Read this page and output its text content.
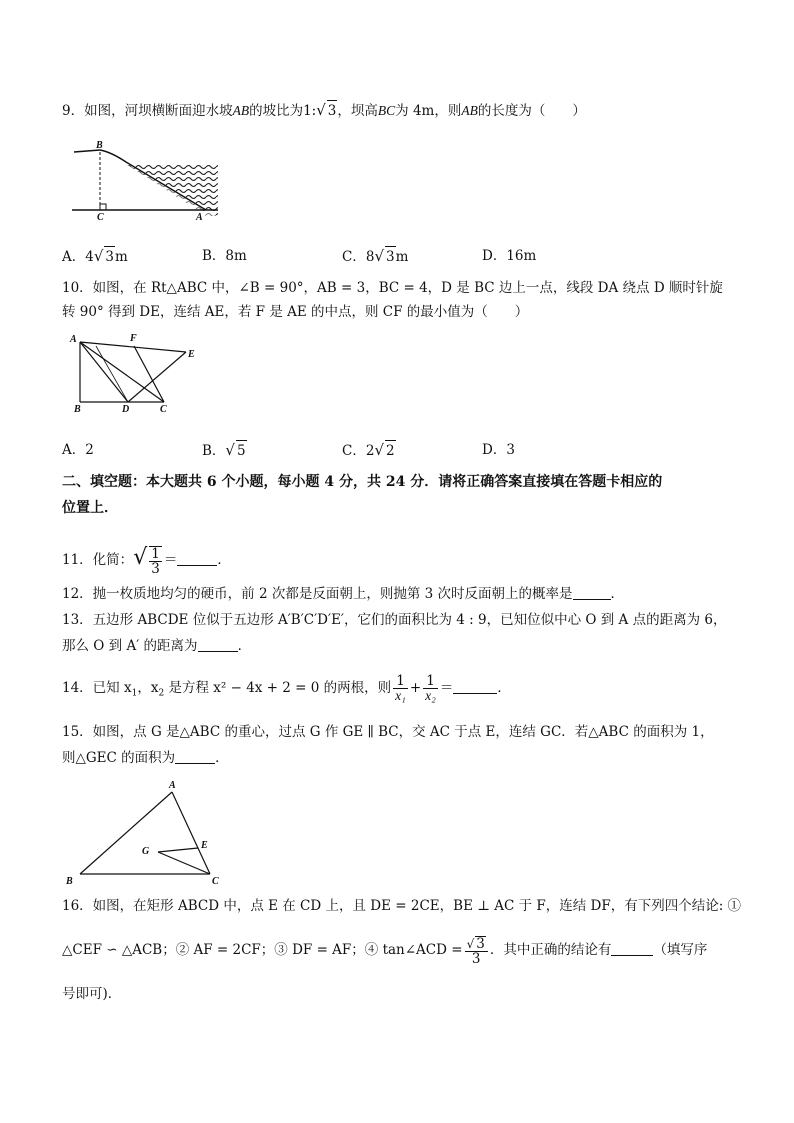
9．如图，河坝横断面迎水坡AB的坡比为1:√ 3，坝高BC为 4m，则AB的长度为（　　）
B
C	A
A．4√ 3m	B．8m	C．8√ 3m	D．16m
10．如图，在 Rt△ABC 中，∠B = 90°，AB = 3，BC = 4，D 是 BC 边上一点，线段 DA 绕点 D 顺时针旋
转 90° 得到 DE，连结 AE，若 F 是 AE 的中点，则 CF 的最小值为（　　）
A	F
E
B	D	C
A．2	B．√ 5	C．2√ 2	D．3
二、填空题：本大题共 6 个小题，每小题 4 分，共 24 分．请将正确答案直接填在答题卡相应的
位置上．
11．化简：√ $\frac{1}{3}$ ＝	．
12．抛一枚质地均匀的硬币，前 2 次都是反面朝上，则抛第 3 次时反面朝上的概率是	．
13．五边形 ABCDE 位似于五边形 A′B′C′D′E′，它们的面积比为 4 : 9，已知位似中心 O 到 A 点的距离为 6，
那么 O 到 A′ 的距离为	．
14．已知 $x_1$，$x_2$ 是方程 x² − 4x + 2 = 0 的两根，则 $\frac{1}{\text{x₁}} + \frac{1}{\text{x₂}}$ ＝	．
15．如图，点 G 是△ABC 的重心，过点 G 作 GE ∥ BC，交 AC 于点 E，连结 GC．若△ABC 的面积为 1，
则△GEC 的面积为	．
A
G
E
B	C
16．如图，在矩形 ABCD 中，点 E 在 CD 上，且 DE = 2CE，BE ⊥ AC 于 F，连结 DF，有下列四个结论: ①
△CEF ∽ △ACB；② AF = 2CF；③ DF = AF；④ tan∠ACD = $\frac{√ 3}{3}$ ．其中正确的结论有	（填写序
号即可)．
